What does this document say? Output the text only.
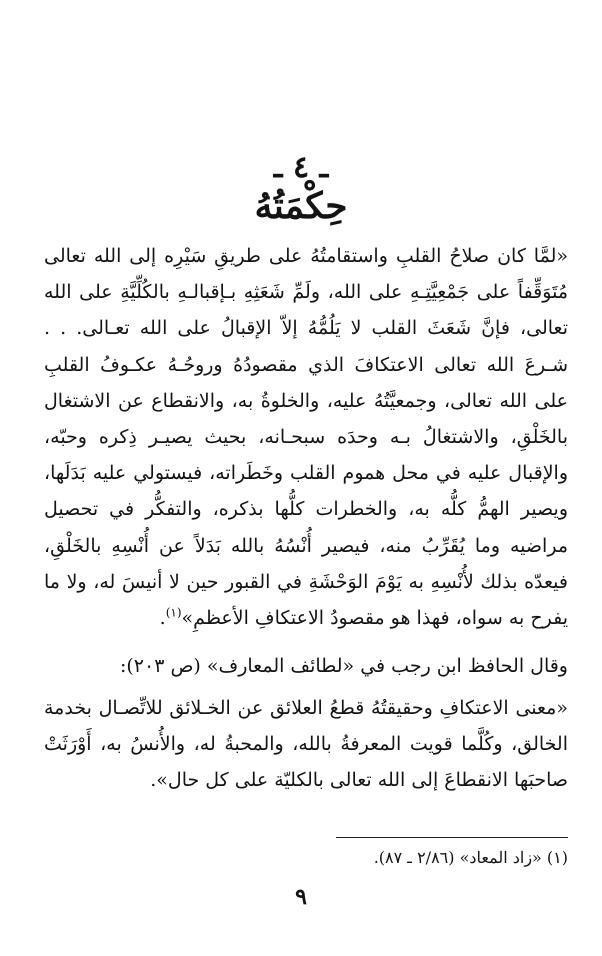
ـ ٤ ـ
حِكْمَتُهُ
«لمَّا كان صلاحُ القلبِ واستقامتُهُ على طريقِ سَيْرِه إلى الله تعالى مُتَوَقِّفاً على جَمْعِيَّتِـهِ على الله، ولَمِّ شَعَثِهِ بـإقبالـهِ بالكُلِّيَّةِ على الله تعالى، فإنَّ شَعَثَ القلب لا يَلُمُّهُ إلاّ الإقبالُ على الله تعـالى. . . شـرعَ الله تعالى الاعتكافَ الذي مقصودُهُ وروحُـهُ عكـوفُ القلبِ على الله تعالى، وجمعيَّتُهُ عليه، والخلوةُ به، والانقطاع عن الاشتغال بالخَلْقِ، والاشتغالُ بـه وحدَه سبحـانه، بحيث يصيـر ذِكره وحبّه، والإقبال عليه في محل هموم القلب وخَطَراته، فيستولي عليه بَدَلَها، ويصير الهمُّ كلُّه به، والخطرات كلُّها بذكره، والتفكُّر في تحصيل مراضيه وما يُقَرِّبُ منه، فيصير أُنْسُهُ بالله بَدَلاً عن أُنْسِهِ بالخَلْقِ، فيعدّه بذلك لأُنْسِهِ به يَوْمَ الوَحْشَةِ في القبور حين لا أنيسَ له، ولا ما يفرح به سواه، فهذا هو مقصودُ الاعتكافِ الأعظمِ»$^{(١)}$.
وقال الحافظ ابن رجب في «لطائف المعارف» (ص ٢٠٣):
«معنى الاعتكافِ وحقيقتُهُ قطعُ العلائق عن الخـلائق للاتِّصـال بخدمة الخالق، وكُلَّما قويت المعرفةُ بالله، والمحبةُ له، والأُنسُ به، أَوْرَثَتْ صاحبَها الانقطاعَ إلى الله تعالى بالكليّة على كل حال».
(١) «زاد المعاد» (٢/٨٦ ـ ٨٧).
٩
